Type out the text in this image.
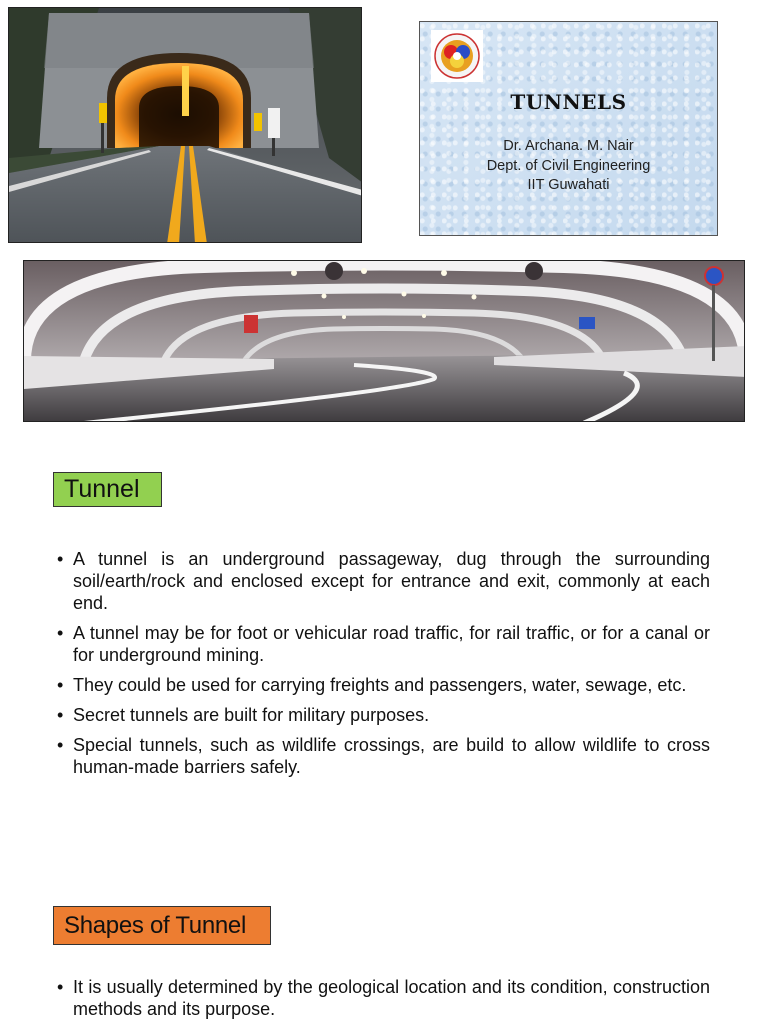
TUNNELS
Dr. Archana. M. Nair
Dept. of Civil Engineering
IIT Guwahati
Tunnel
• A tunnel is an underground passageway, dug through the surrounding soil/earth/rock and enclosed except for entrance and exit, commonly at each end.
• A tunnel may be for foot or vehicular road traffic, for rail traffic, or for a canal or for underground mining.
• They could be used for carrying freights and passengers, water, sewage, etc.
• Secret tunnels are built for military purposes.
• Special tunnels, such as wildlife crossings, are build to allow wildlife to cross human-made barriers safely.
Shapes of Tunnel
• It is usually determined by the geological location and its condition, construction methods and its purpose.
